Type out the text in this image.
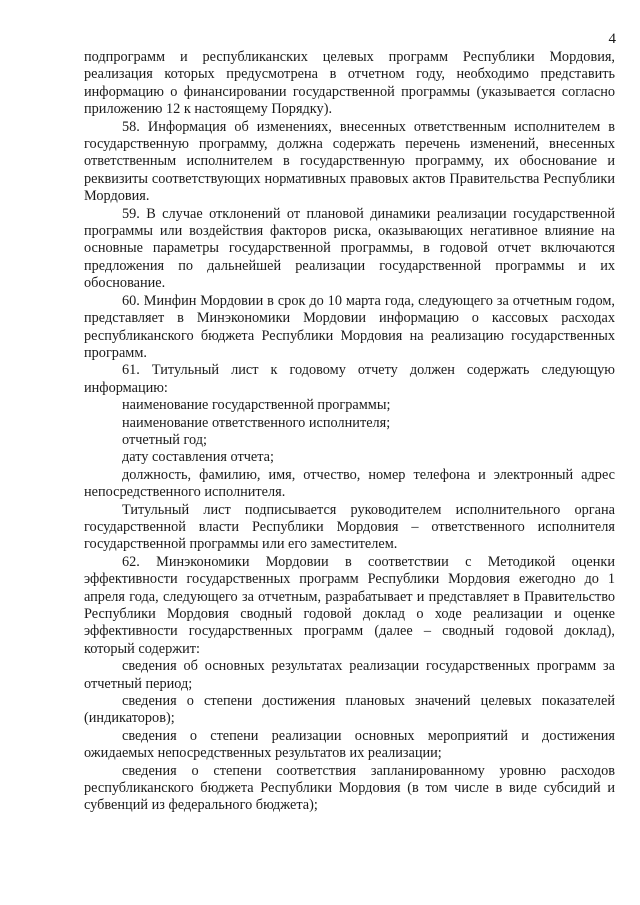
4

подпрограмм и республиканских целевых программ Республики Мордовия, реализация которых предусмотрена в отчетном году, необходимо представить информацию о финансировании государственной программы (указывается согласно приложению 12 к настоящему Порядку).

58. Информация об изменениях, внесенных ответственным исполнителем в государственную программу, должна содержать перечень изменений, внесенных ответственным исполнителем в государственную программу, их обоснование и реквизиты соответствующих нормативных правовых актов Правительства Республики Мордовия.

59. В случае отклонений от плановой динамики реализации государственной программы или воздействия факторов риска, оказывающих негативное влияние на основные параметры государственной программы, в годовой отчет включаются предложения по дальнейшей реализации государственной программы и их обоснование.

60. Минфин Мордовии в срок до 10 марта года, следующего за отчетным годом, представляет в Минэкономики Мордовии информацию о кассовых расходах республиканского бюджета Республики Мордовия на реализацию государственных программ.

61. Титульный лист к годовому отчету должен содержать следующую информацию:

наименование государственной программы;

наименование ответственного исполнителя;

отчетный год;

дату составления отчета;

должность, фамилию, имя, отчество, номер телефона и электронный адрес непосредственного исполнителя.

Титульный лист подписывается руководителем исполнительного органа государственной власти Республики Мордовия – ответственного исполнителя государственной программы или его заместителем.

62. Минэкономики Мордовии в соответствии с Методикой оценки эффективности государственных программ Республики Мордовия ежегодно до 1 апреля года, следующего за отчетным, разрабатывает и представляет в Правительство Республики Мордовия сводный годовой доклад о ходе реализации и оценке эффективности государственных программ (далее – сводный годовой доклад), который содержит:

сведения об основных результатах реализации государственных программ за отчетный период;

сведения о степени достижения плановых значений целевых показателей (индикаторов);

сведения о степени реализации основных мероприятий и достижения ожидаемых непосредственных результатов их реализации;

сведения о степени соответствия запланированному уровню расходов республиканского бюджета Республики Мордовия (в том числе в виде субсидий и субвенций из федерального бюджета);
